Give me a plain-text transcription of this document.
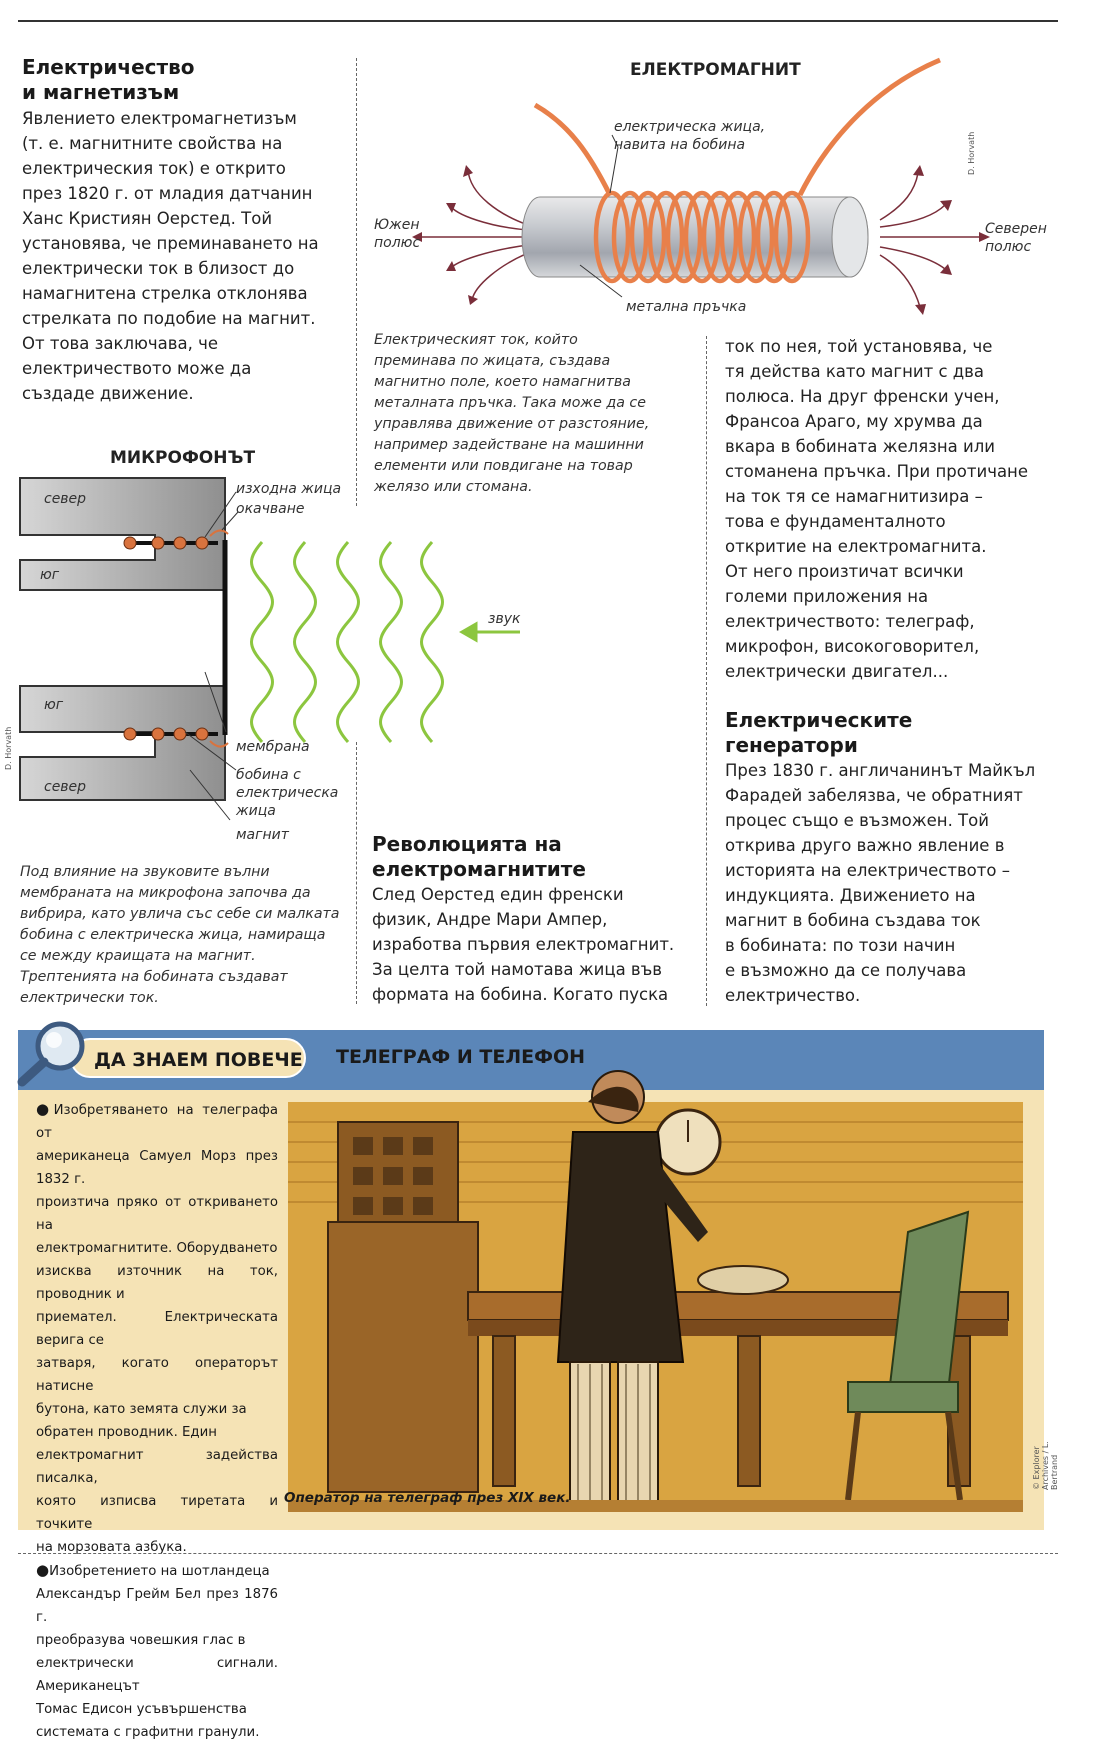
Електричество
и магнетизъм
Явлението електромагнетизъм
(т. е. магнитните свойства на
електрическия ток) е открито
през 1820 г. от младия датчанин
Ханс Кристиян Оерстед. Той
установява, че преминаването на
електрически ток в близост до
намагнитена стрелка отклонява
стрелката по подобие на магнит.
От това заключава, че
електричеството може да
създаде движение.
МИКРОФОНЪТ
север
юг
юг
север
изходна жица
окачване
звук
мембрана
бобина с
електрическа
жица
магнит
D. Horvath
Под влияние на звуковите вълни
мембраната на микрофона започва да
вибрира, като увлича със себе си малката
бобина с електрическа жица, намираща
се между краищата на магнит.
Трептенията на бобината създават
електрически ток.
ЕЛЕКТРОМАГНИТ
електрическа жица,
навита на бобина
Южен
полюс
Северен
полюс
метална пръчка
D. Horvath
Електрическият ток, който
преминава по жицата, създава
магнитно поле, което намагнитва
металната пръчка. Така може да се
управлява движение от разстояние,
например задействане на машинни
елементи или повдигане на товар
желязо или стомана.
Революцията на
електромагнитите
След Оерстед един френски
физик, Андре Мари Ампер,
изработва първия електромагнит.
За целта той намотава жица във
формата на бобина. Когато пуска
ток по нея, той установява, че
тя действа като магнит с два
полюса. На друг френски учен,
Франсоа Араго, му хрумва да
вкара в бобината желязна или
стоманена пръчка. При протичане
на ток тя се намагнитизира –
това е фундаменталното
откритие на електромагнита.
От него произтичат всички
големи приложения на
електричеството: телеграф,
микрофон, високоговорител,
електрически двигател...
Електрическите
генератори
През 1830 г. англичанинът Майкъл
Фарадей забелязва, че обратният
процес също е възможен. Той
открива друго важно явление в
историята на електричеството –
индукцията. Движението на
магнит в бобина създава ток
в бобината: по този начин
е възможно да се получава
електричество.
ДА ЗНАЕМ ПОВЕЧЕ ТЕЛЕГРАФ И ТЕЛЕФОН
●Изобретяването на телеграфа от
американеца Самуел Морз през 1832 г.
произтича пряко от откриването на
електромагнитите. Оборудването
изисква източник на ток, проводник и
приемател. Електрическата верига се
затваря, когато операторът натисне
бутона, като земята служи за
обратен проводник. Един
електромагнит задейства писалка,
която изписва тиретата и точките
на морзовата азбука.
●Изобретението на шотландеца
Александър Грейм Бел през 1876 г.
преобразува човешкия глас в
електрически сигнали. Американецът
Томас Едисон усъвършенства
системата с графитни гранули.
Оператор на телеграф през XIX век.
© Explorer Archives / L. Bertrand
